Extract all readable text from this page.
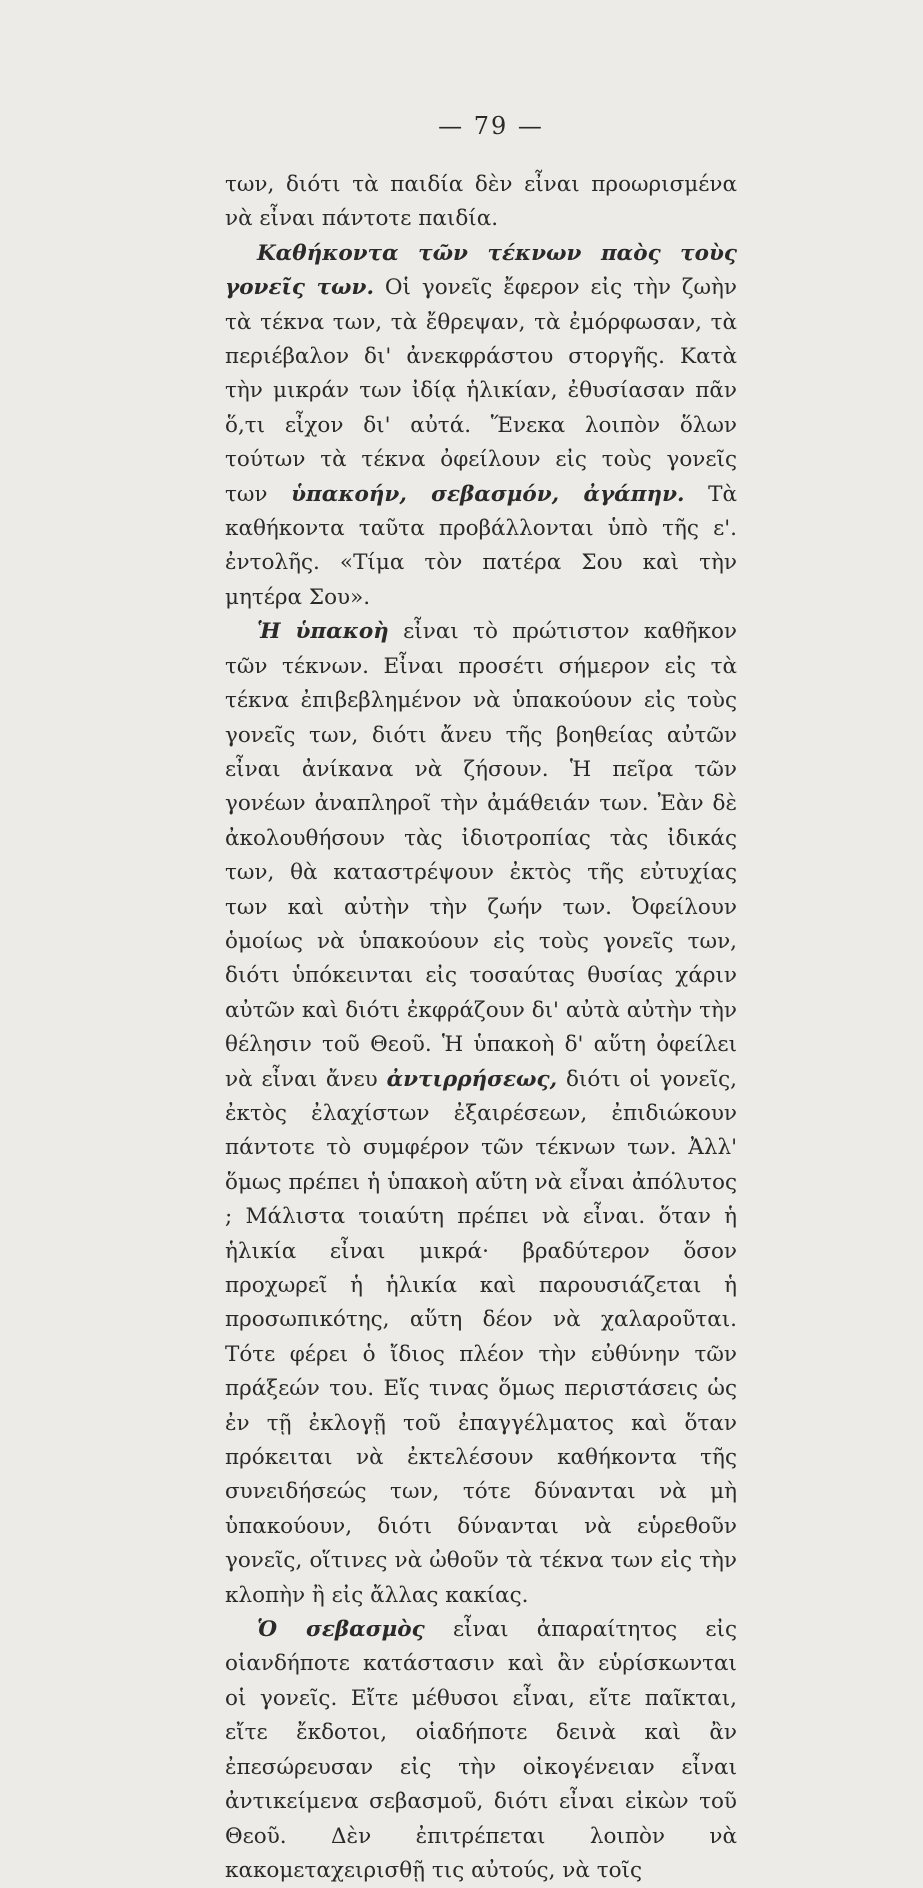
— 79 —

των, διότι τὰ παιδία δὲν εἶναι προωρισμένα νὰ εἶναι πάντοτε παιδία.

Καθήκοντα τῶν τέκνων παὸς τοὺς γονεῖς των. Οἱ γονεῖς ἔφερον εἰς τὴν ζωὴν τὰ τέκνα των, τὰ ἔθρεψαν, τὰ ἐμόρφωσαν, τὰ περιέβαλον δι' ἀνεκφράστου στοργῆς. Κατὰ τὴν μικράν των ἰδίᾳ ἡλικίαν, ἐθυσίασαν πᾶν ὅ,τι εἶχον δι' αὐτά. Ἕνεκα λοιπὸν ὅλων τούτων τὰ τέκνα ὀφείλουν εἰς τοὺς γονεῖς των ὑπακοήν, σεβασμόν, ἀγάπην. Τὰ καθήκοντα ταῦτα προβάλλονται ὑπὸ τῆς ε'. ἐντολῆς. «Τίμα τὸν πατέρα Σου καὶ τὴν μητέρα Σου».

Ἡ ὑπακοὴ εἶναι τὸ πρώτιστον καθῆκον τῶν τέκνων. Εἶναι προσέτι σήμερον εἰς τὰ τέκνα ἐπιβεβλημένον νὰ ὑπακούουν εἰς τοὺς γονεῖς των, διότι ἄνευ τῆς βοηθείας αὐτῶν εἶναι ἀνίκανα νὰ ζήσουν. Ἡ πεῖρα τῶν γονέων ἀναπληροῖ τὴν ἀμάθειάν των. Ἐὰν δὲ ἀκολουθήσουν τὰς ἰδιοτροπίας τὰς ἰδικάς των, θὰ καταστρέψουν ἐκτὸς τῆς εὐτυχίας των καὶ αὐτὴν τὴν ζωήν των. Ὀφείλουν ὁμοίως νὰ ὑπακούουν εἰς τοὺς γονεῖς των, διότι ὑπόκεινται εἰς τοσαύτας θυσίας χάριν αὐτῶν καὶ διότι ἐκφράζουν δι' αὐτὰ αὐτὴν τὴν θέλησιν τοῦ Θεοῦ. Ἡ ὑπακοὴ δ' αὕτη ὀφείλει νὰ εἶναι ἄνευ ἀντιρρήσεως, διότι οἱ γονεῖς, ἐκτὸς ἐλαχίστων ἐξαιρέσεων, ἐπιδιώκουν πάντοτε τὸ συμφέρον τῶν τέκνων των. Ἀλλ' ὅμως πρέπει ἡ ὑπακοὴ αὕτη νὰ εἶναι ἀπόλυτος ; Μάλιστα τοιαύτη πρέπει νὰ εἶναι. ὅταν ἡ ἡλικία εἶναι μικρά· βραδύτερον ὅσον προχωρεῖ ἡ ἡλικία καὶ παρουσιάζεται ἡ προσωπικότης, αὕτη δέον νὰ χαλαροῦται. Τότε φέρει ὁ ἴδιος πλέον τὴν εὐθύνην τῶν πράξεών του. Εἴς τινας ὅμως περιστάσεις ὡς ἐν τῇ ἐκλογῇ τοῦ ἐπαγγέλματος καὶ ὅταν πρόκειται νὰ ἐκτελέσουν καθήκοντα τῆς συνειδήσεώς των, τότε δύνανται νὰ μὴ ὑπακούουν, διότι δύνανται νὰ εὑρεθοῦν γονεῖς, οἵτινες νὰ ὠθοῦν τὰ τέκνα των εἰς τὴν κλοπὴν ἢ εἰς ἄλλας κακίας.

Ὁ σεβασμὸς εἶναι ἀπαραίτητος εἰς οἱανδήποτε κατάστασιν καὶ ἂν εὑρίσκωνται οἱ γονεῖς. Εἴτε μέθυσοι εἶναι, εἴτε παῖκται, εἴτε ἔκδοτοι, οἱαδήποτε δεινὰ καὶ ἂν ἐπεσώρευσαν εἰς τὴν οἰκογένειαν εἶναι ἀντικείμενα σεβασμοῦ, διότι εἶναι εἰκὼν τοῦ Θεοῦ. Δὲν ἐπιτρέπεται λοιπὸν νὰ κακομεταχειρισθῇ τις αὐτούς, νὰ τοῖς
